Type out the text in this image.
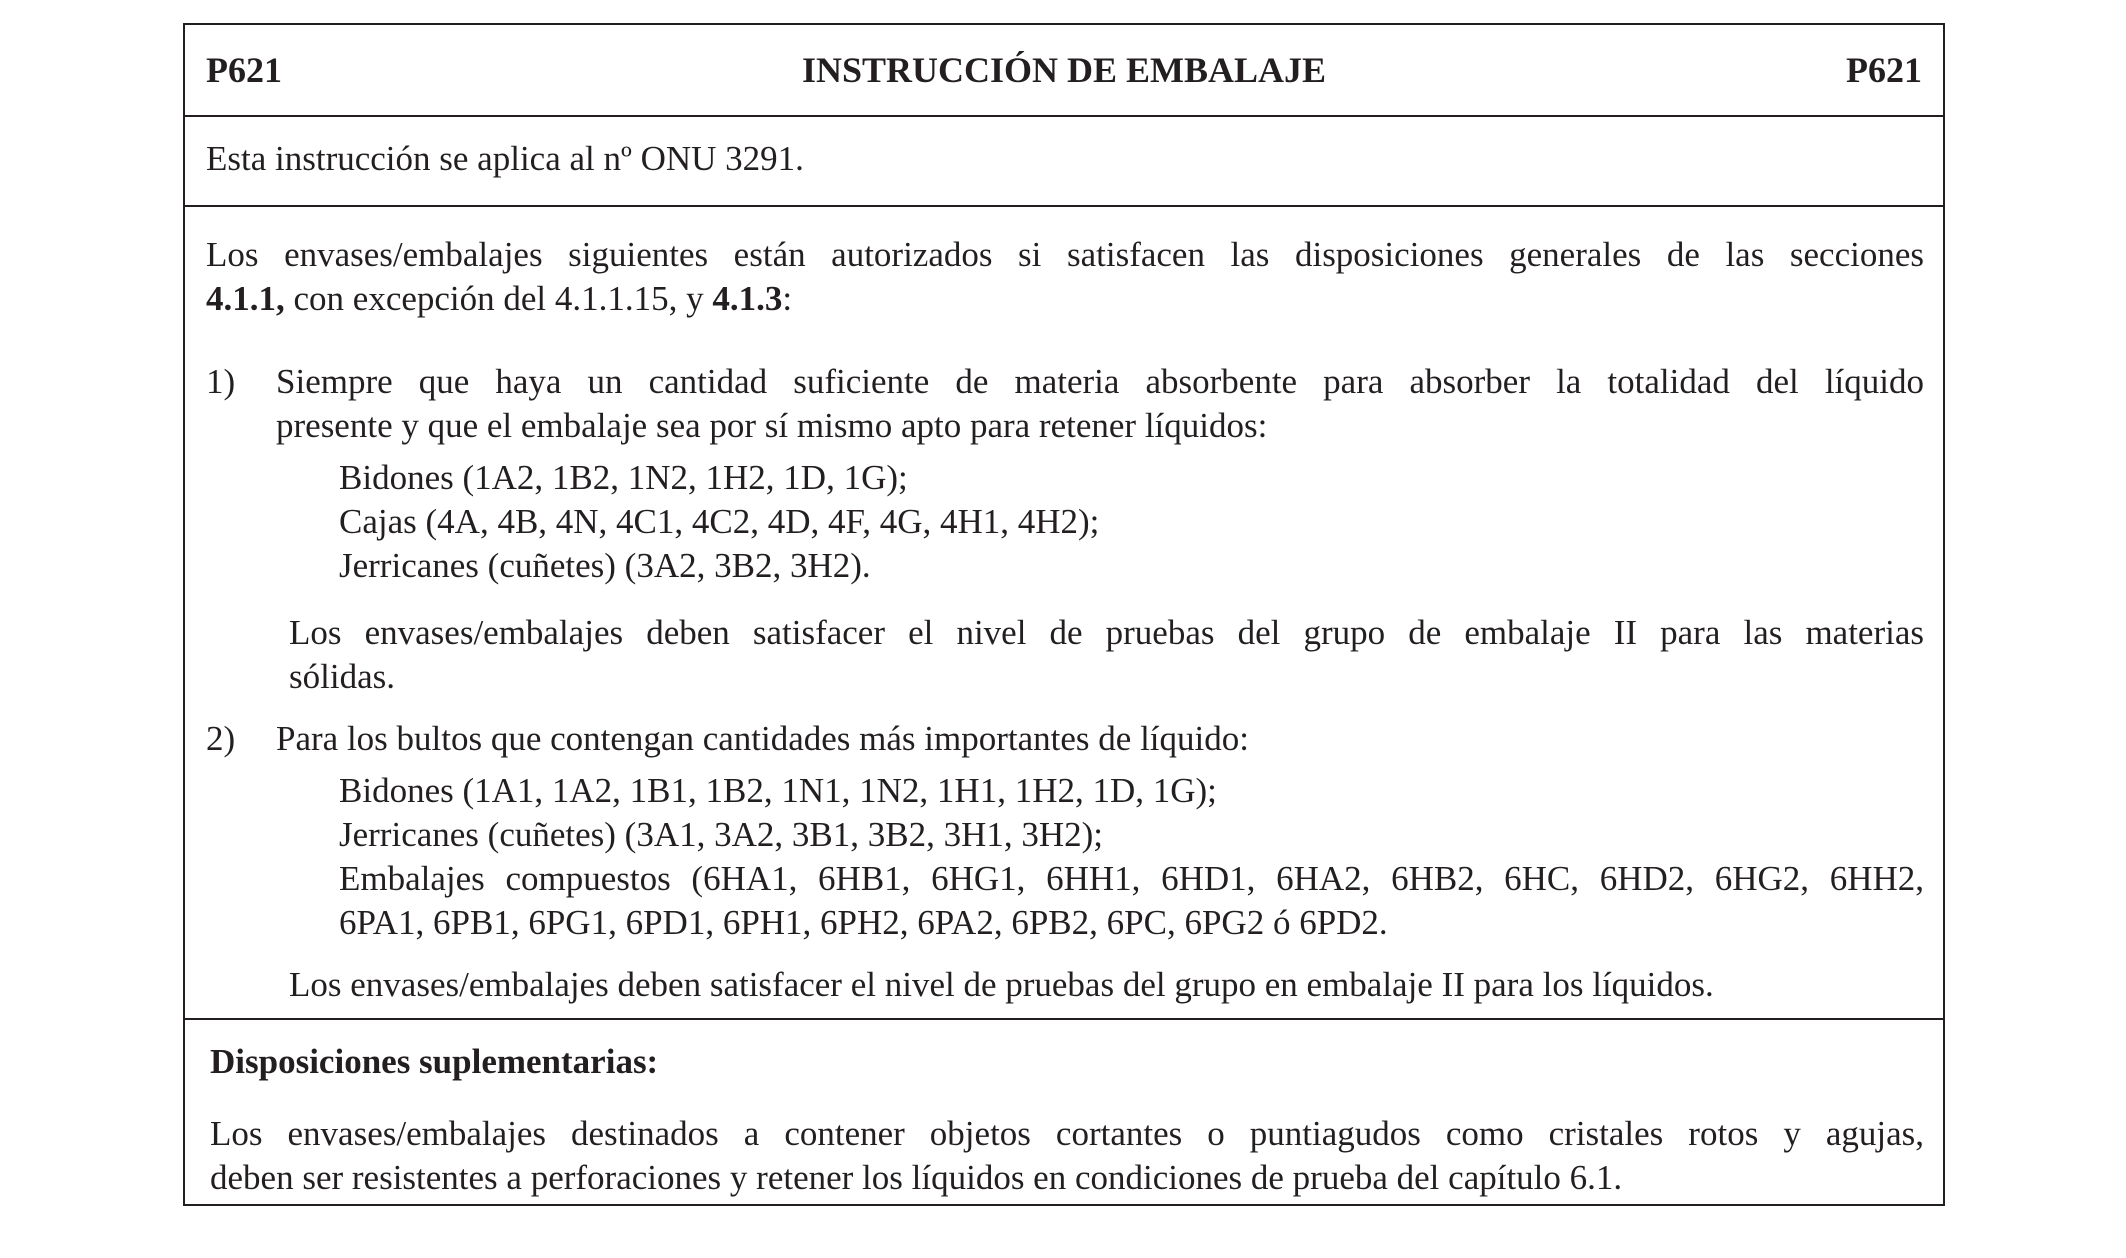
P621	INSTRUCCIÓN DE EMBALAJE	P621
Esta instrucción se aplica al nº ONU 3291.
Los envases/embalajes siguientes están autorizados si satisfacen las disposiciones generales de las secciones
4.1.1, con excepción del 4.1.1.15, y 4.1.3:
1) Siempre que haya un cantidad suficiente de materia absorbente para absorber la totalidad del líquido
presente y que el embalaje sea por sí mismo apto para retener líquidos:
Bidones (1A2, 1B2, 1N2, 1H2, 1D, 1G);
Cajas (4A, 4B, 4N, 4C1, 4C2, 4D, 4F, 4G, 4H1, 4H2);
Jerricanes (cuñetes) (3A2, 3B2, 3H2).
Los envases/embalajes deben satisfacer el nivel de pruebas del grupo de embalaje II para las materias
sólidas.
2) Para los bultos que contengan cantidades más importantes de líquido:
Bidones (1A1, 1A2, 1B1, 1B2, 1N1, 1N2, 1H1, 1H2, 1D, 1G);
Jerricanes (cuñetes) (3A1, 3A2, 3B1, 3B2, 3H1, 3H2);
Embalajes compuestos (6HA1, 6HB1, 6HG1, 6HH1, 6HD1, 6HA2, 6HB2, 6HC, 6HD2, 6HG2, 6HH2,
6PA1, 6PB1, 6PG1, 6PD1, 6PH1, 6PH2, 6PA2, 6PB2, 6PC, 6PG2 ó 6PD2.
Los envases/embalajes deben satisfacer el nivel de pruebas del grupo en embalaje II para los líquidos.
Disposiciones suplementarias:
Los envases/embalajes destinados a contener objetos cortantes o puntiagudos como cristales rotos y agujas,
deben ser resistentes a perforaciones y retener los líquidos en condiciones de prueba del capítulo 6.1.
